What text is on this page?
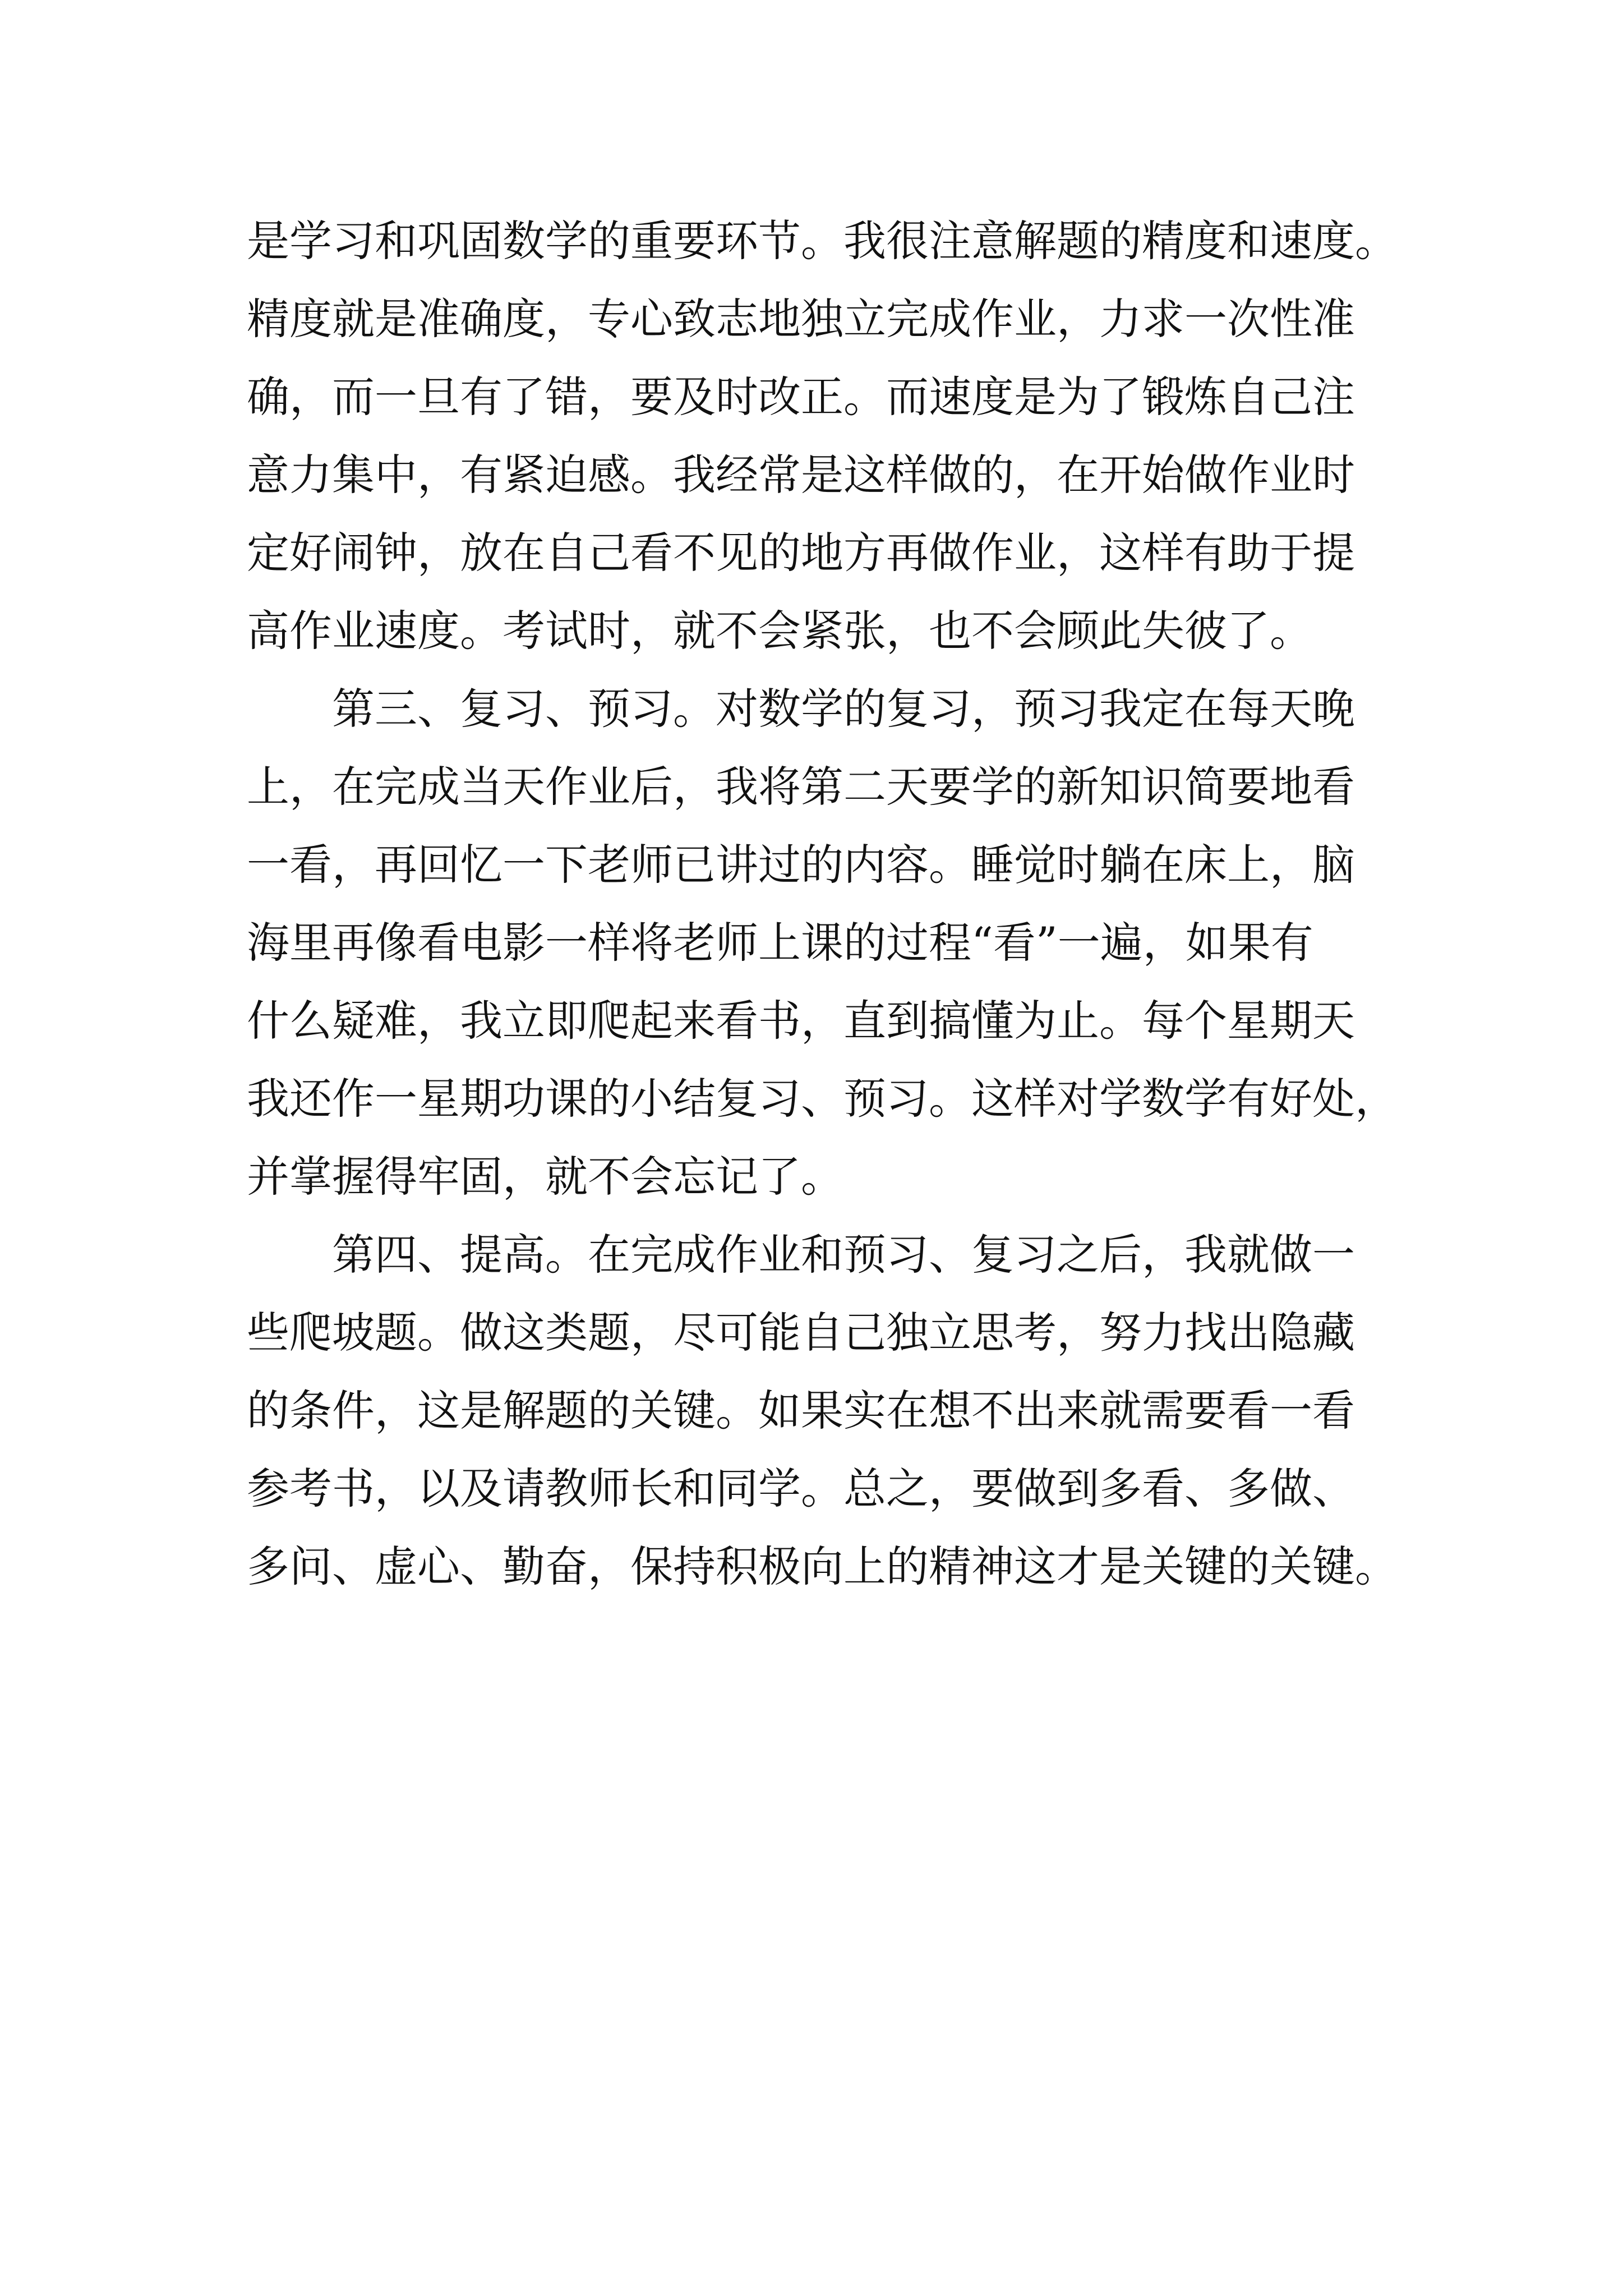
是学习和巩固数学的重要环节。我很注意解题的精度和速度。
精度就是准确度，专心致志地独立完成作业，力求一次性准
确，而一旦有了错，要及时改正。而速度是为了锻炼自己注
意力集中，有紧迫感。我经常是这样做的，在开始做作业时
定好闹钟，放在自己看不见的地方再做作业，这样有助于提
高作业速度。考试时，就不会紧张，也不会顾此失彼了。
第三、复习、预习。对数学的复习，预习我定在每天晚
上，在完成当天作业后，我将第二天要学的新知识简要地看
一看，再回忆一下老师已讲过的内容。睡觉时躺在床上，脑
海里再像看电影一样将老师上课的过程“看”一遍，如果有
什么疑难，我立即爬起来看书，直到搞懂为止。每个星期天
我还作一星期功课的小结复习、预习。这样对学数学有好处，
并掌握得牢固，就不会忘记了。
第四、提高。在完成作业和预习、复习之后，我就做一
些爬坡题。做这类题，尽可能自己独立思考，努力找出隐藏
的条件，这是解题的关键。如果实在想不出来就需要看一看
参考书，以及请教师长和同学。总之，要做到多看、多做、
多问、虚心、勤奋，保持积极向上的精神这才是关键的关键。
